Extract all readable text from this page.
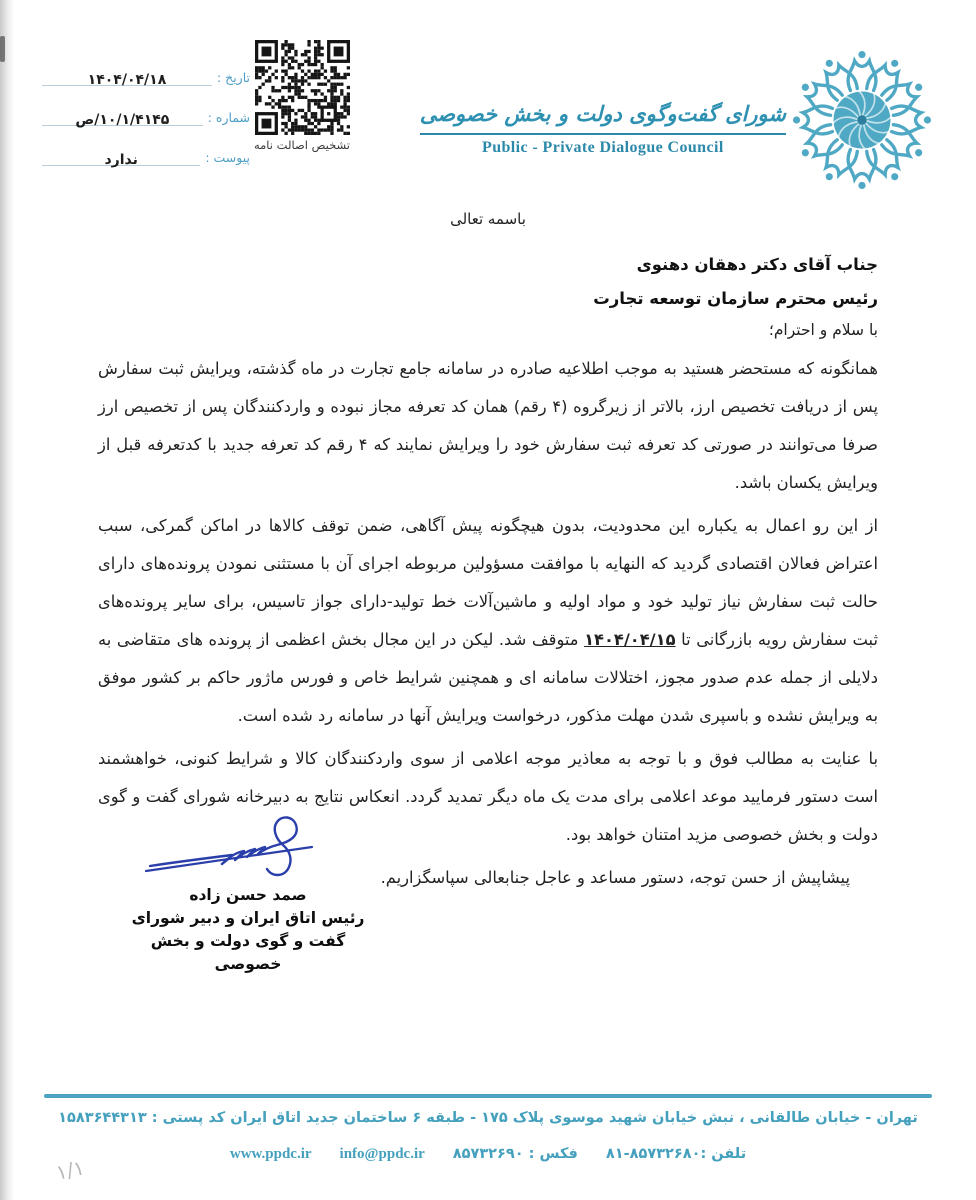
تاریخ :
۱۴۰۴/۰۴/۱۸
شماره :
۱۰/۱/۴۱۴۵/ص
پیوست :
ندارد
تشخیص اصالت نامه
شورای گفت‌وگوی دولت و بخش خصوصی
Public - Private Dialogue Council
باسمه تعالی
جناب آقای دکتر دهقان دهنوی
رئیس محترم سازمان توسعه تجارت
با سلام و احترام؛

همانگونه که مستحضر هستید به موجب اطلاعیه صادره در سامانه جامع تجارت در ماه گذشته، ویرایش ثبت سفارش پس از دریافت تخصیص ارز، بالاتر از زیرگروه (۴ رقم) همان کد تعرفه مجاز نبوده و واردکنندگان پس از تخصیص ارز صرفا می‌توانند در صورتی کد تعرفه ثبت سفارش خود را ویرایش نمایند که ۴ رقم کد تعرفه جدید با کدتعرفه قبل از ویرایش یکسان باشد.

از این رو اعمال به یکباره این محدودیت، بدون هیچگونه پیش آگاهی، ضمن توقف کالاها در اماکن گمرکی، سبب اعتراض فعالان اقتصادی گردید که النهایه با موافقت مسؤولین مربوطه اجرای آن با مستثنی نمودن پرونده‌های دارای حالت ثبت سفارش نیاز تولید خود و مواد اولیه و ماشین‌آلات خط تولید-دارای جواز تاسیس، برای سایر پرونده‌های ثبت سفارش رویه بازرگانی تا ۱۴۰۴/۰۴/۱۵ متوقف شد. لیکن در این مجال بخش اعظمی از پرونده های متقاضی به دلایلی از جمله عدم صدور مجوز، اختلالات سامانه ای و همچنین شرایط خاص و فورس ماژور حاکم بر کشور موفق به ویرایش نشده و باسپری شدن مهلت مذکور، درخواست ویرایش آنها در سامانه رد شده است.

با عنایت به مطالب فوق و با توجه به معاذیر موجه اعلامی از سوی واردکنندگان کالا و شرایط کنونی، خواهشمند است دستور فرمایید موعد اعلامی برای مدت یک ماه دیگر تمدید گردد. انعکاس نتایج به دبیرخانه شورای گفت و گوی دولت و بخش خصوصی مزید امتنان خواهد بود.

پیشاپیش از حسن توجه، دستور مساعد و عاجل جنابعالی سپاسگزاریم.

صمد حسن زاده
رئیس اتاق ایران و دبیر شورای
گفت و گوی دولت و بخش خصوصی
تهران - خیابان طالقانی ، نبش خیابان شهید موسوی پلاک ۱۷۵ - طبقه ۶ ساختمان جدید اتاق ایران کد پستی : ۱۵۸۳۶۴۴۳۱۳
تلفن :۸۵۷۳۲۶۸۰-۸۱
فکس : ۸۵۷۳۲۶۹۰
info@ppdc.ir
www.ppdc.ir
۱/۱
